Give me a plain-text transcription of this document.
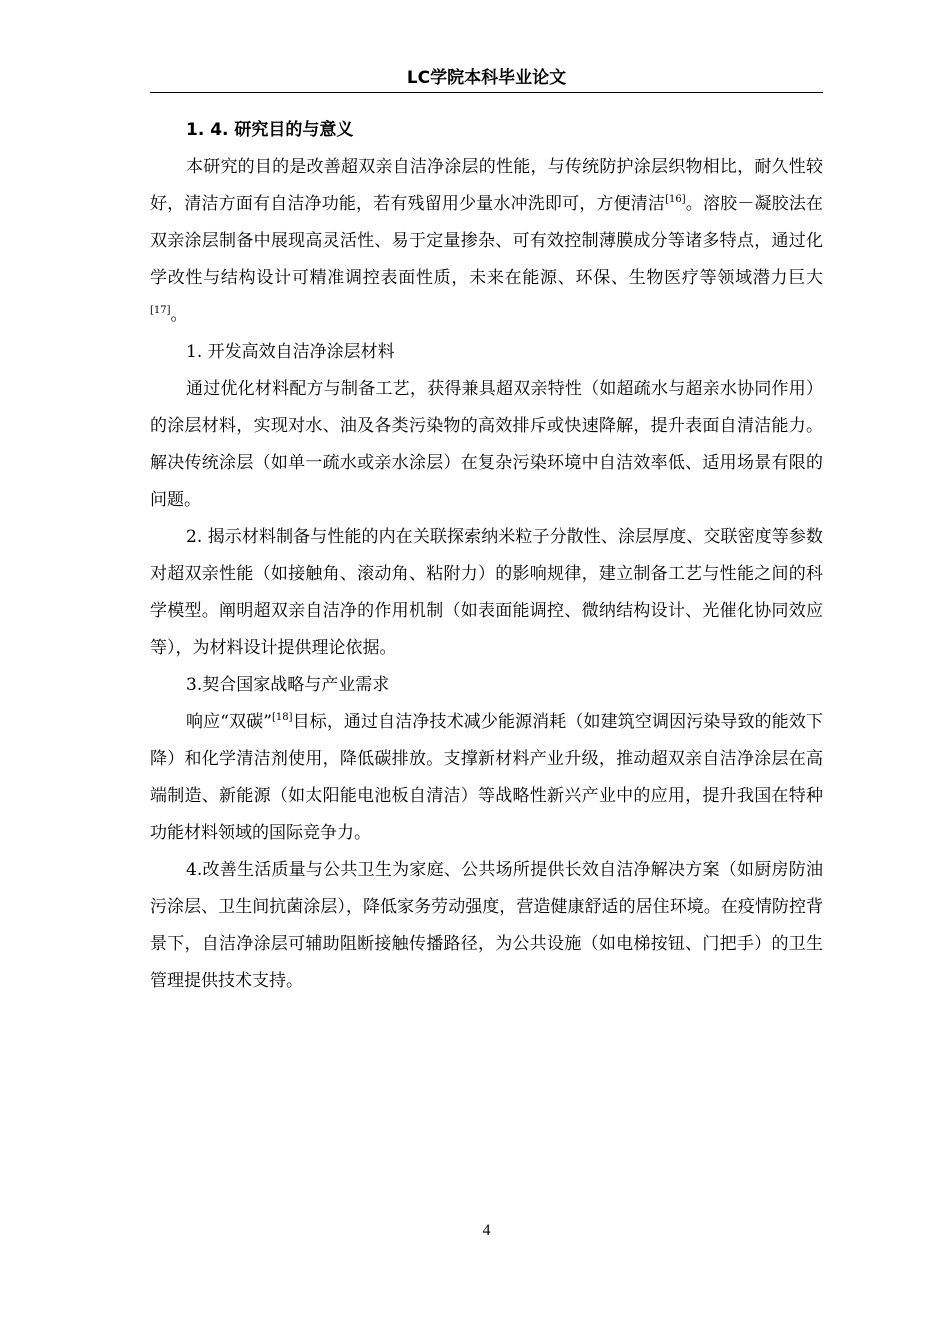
LC学院本科毕业论文

1. 4. 研究目的与意义

本研究的目的是改善超双亲自洁净涂层的性能，与传统防护涂层织物相比，耐久性较好，清洁方面有自洁净功能，若有残留用少量水冲洗即可，方便清洁[16]。溶胶－凝胶法在双亲涂层制备中展现高灵活性、易于定量掺杂、可有效控制薄膜成分等诸多特点，通过化学改性与结构设计可精准调控表面性质，未来在能源、环保、生物医疗等领域潜力巨大[17]。

1. 开发高效自洁净涂层材料

通过优化材料配方与制备工艺，获得兼具超双亲特性（如超疏水与超亲水协同作用）的涂层材料，实现对水、油及各类污染物的高效排斥或快速降解，提升表面自清洁能力。解决传统涂层（如单一疏水或亲水涂层）在复杂污染环境中自洁效率低、适用场景有限的问题。

2. 揭示材料制备与性能的内在关联探索纳米粒子分散性、涂层厚度、交联密度等参数对超双亲性能（如接触角、滚动角、粘附力）的影响规律，建立制备工艺与性能之间的科学模型。阐明超双亲自洁净的作用机制（如表面能调控、微纳结构设计、光催化协同效应等），为材料设计提供理论依据。

3.契合国家战略与产业需求

响应“双碳”[18]目标，通过自洁净技术减少能源消耗（如建筑空调因污染导致的能效下降）和化学清洁剂使用，降低碳排放。支撑新材料产业升级，推动超双亲自洁净涂层在高端制造、新能源（如太阳能电池板自清洁）等战略性新兴产业中的应用，提升我国在特种功能材料领域的国际竞争力。

4.改善生活质量与公共卫生为家庭、公共场所提供长效自洁净解决方案（如厨房防油污涂层、卫生间抗菌涂层），降低家务劳动强度，营造健康舒适的居住环境。在疫情防控背景下，自洁净涂层可辅助阻断接触传播路径，为公共设施（如电梯按钮、门把手）的卫生管理提供技术支持。

4
